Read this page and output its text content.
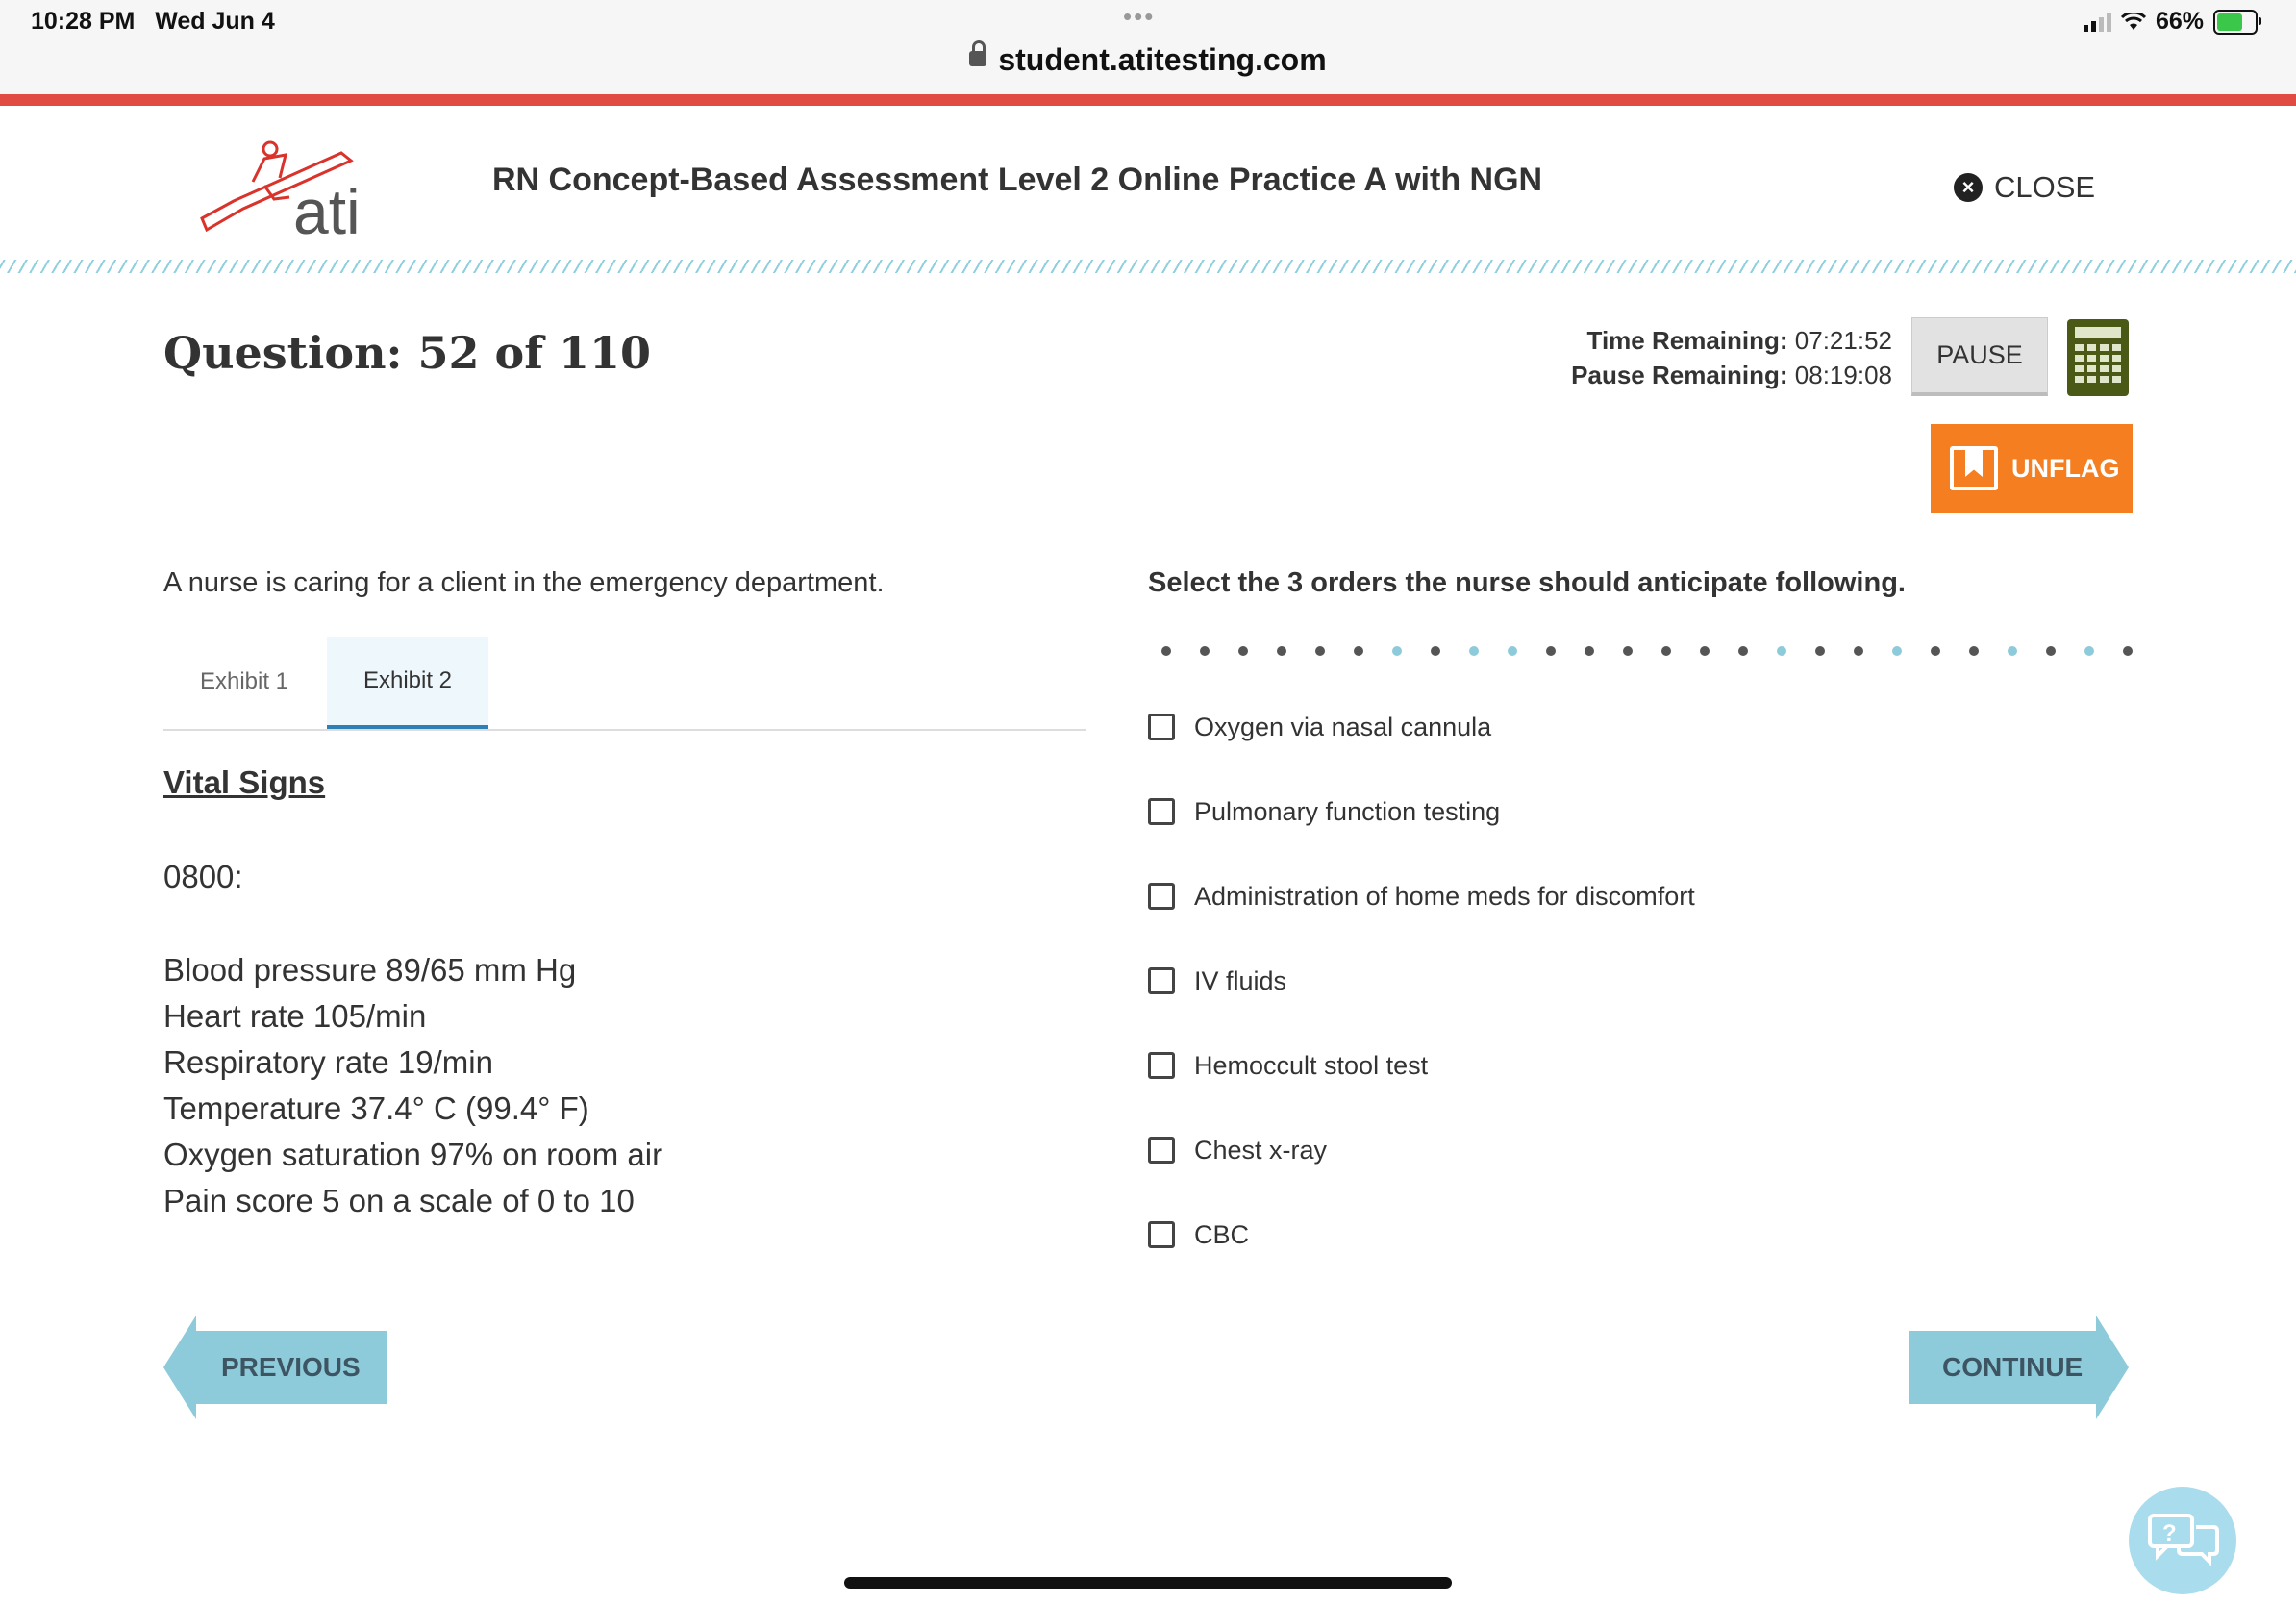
10:28 PM Wed Jun 4	•••
student.atitesting.com
66%
ati	RN Concept-Based Assessment Level 2 Online Practice A with NGN	× CLOSE
Question: 52 of 110	Time Remaining: 07:21:52
Pause Remaining: 08:19:08
PAUSE
UNFLAG
A nurse is caring for a client in the emergency department.
Exhibit 1	Exhibit 2
Vital Signs
0800:
Blood pressure 89/65 mm Hg
Heart rate 105/min
Respiratory rate 19/min
Temperature 37.4° C (99.4° F)
Oxygen saturation 97% on room air
Pain score 5 on a scale of 0 to 10
Select the 3 orders the nurse should anticipate following.
Oxygen via nasal cannula
Pulmonary function testing
Administration of home meds for discomfort
IV fluids
Hemoccult stool test
Chest x-ray
CBC
PREVIOUS	CONTINUE
?
